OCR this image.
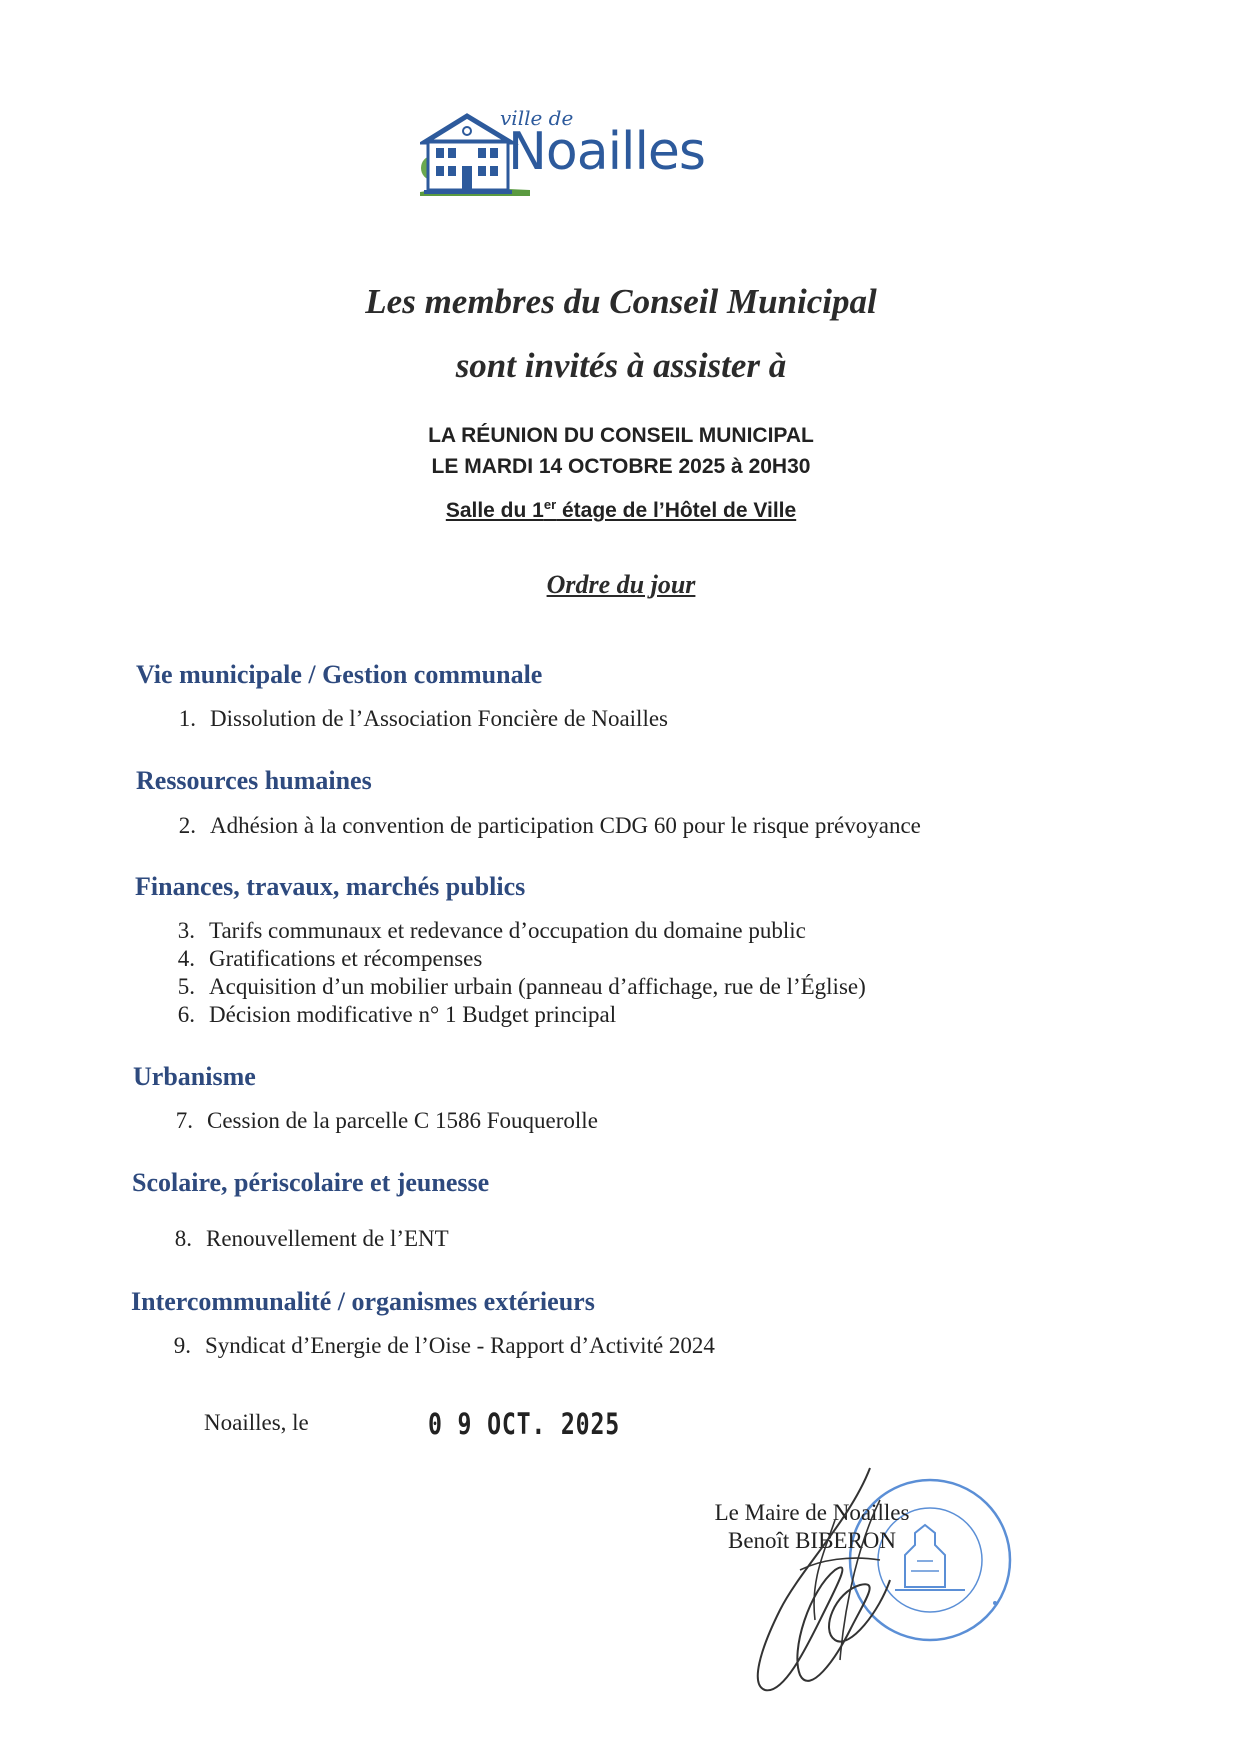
ville de
Noailles
Les membres du Conseil Municipal
sont invités à assister à
LA RÉUNION DU CONSEIL MUNICIPAL
LE MARDI 14 OCTOBRE 2025 à 20H30
Salle du 1er étage de l’Hôtel de Ville
Ordre du jour
Vie municipale / Gestion communale
1. Dissolution de l’Association Foncière de Noailles
Ressources humaines
2. Adhésion à la convention de participation CDG 60 pour le risque prévoyance
Finances, travaux, marchés publics
3. Tarifs communaux et redevance d’occupation du domaine public
4. Gratifications et récompenses
5. Acquisition d’un mobilier urbain (panneau d’affichage, rue de l’Église)
6. Décision modificative n° 1 Budget principal
Urbanisme
7. Cession de la parcelle C 1586 Fouquerolle
Scolaire, périscolaire et jeunesse
8. Renouvellement de l’ENT
Intercommunalité / organismes extérieurs
9. Syndicat d’Energie de l’Oise - Rapport d’Activité 2024
Noailles, le	0 9 OCT. 2025
Le Maire de Noailles
Benoît BIBERON
